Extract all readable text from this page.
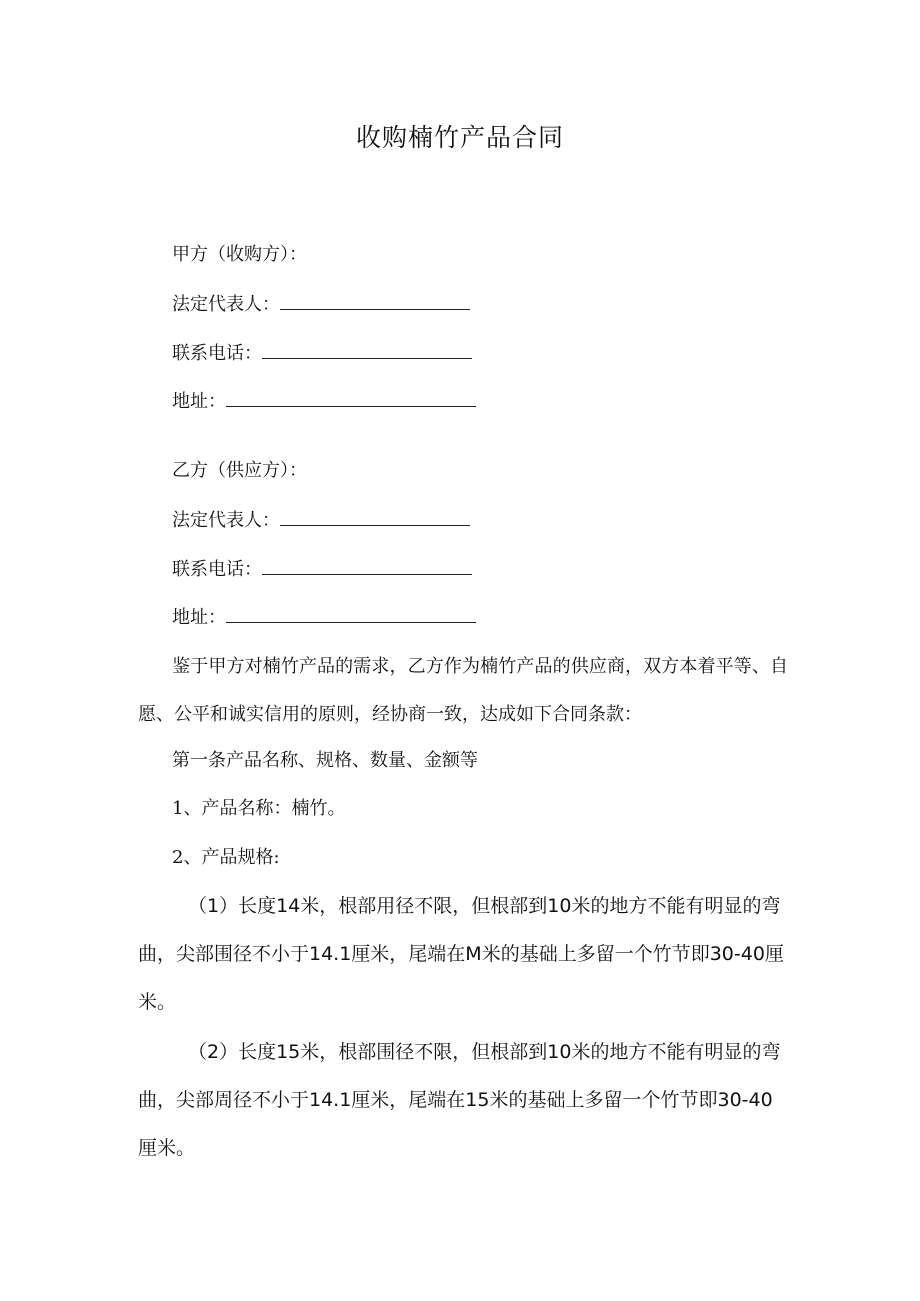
收购楠竹产品合同
甲方（收购方）：
法定代表人：
联系电话：
地址：
乙方（供应方）：
法定代表人：
联系电话：
地址：
鉴于甲方对楠竹产品的需求，乙方作为楠竹产品的供应商，双方本着平等、自愿、公平和诚实信用的原则，经协商一致，达成如下合同条款：
第一条产品名称、规格、数量、金额等
1、产品名称：楠竹。
2、产品规格:
（1）长度14米，根部用径不限，但根部到10米的地方不能有明显的弯曲，尖部围径不小于14.1厘米，尾端在M米的基础上多留一个竹节即30-40厘米。
（2）长度15米，根部围径不限，但根部到10米的地方不能有明显的弯曲，尖部周径不小于14.1厘米，尾端在15米的基础上多留一个竹节即30-40厘米。
